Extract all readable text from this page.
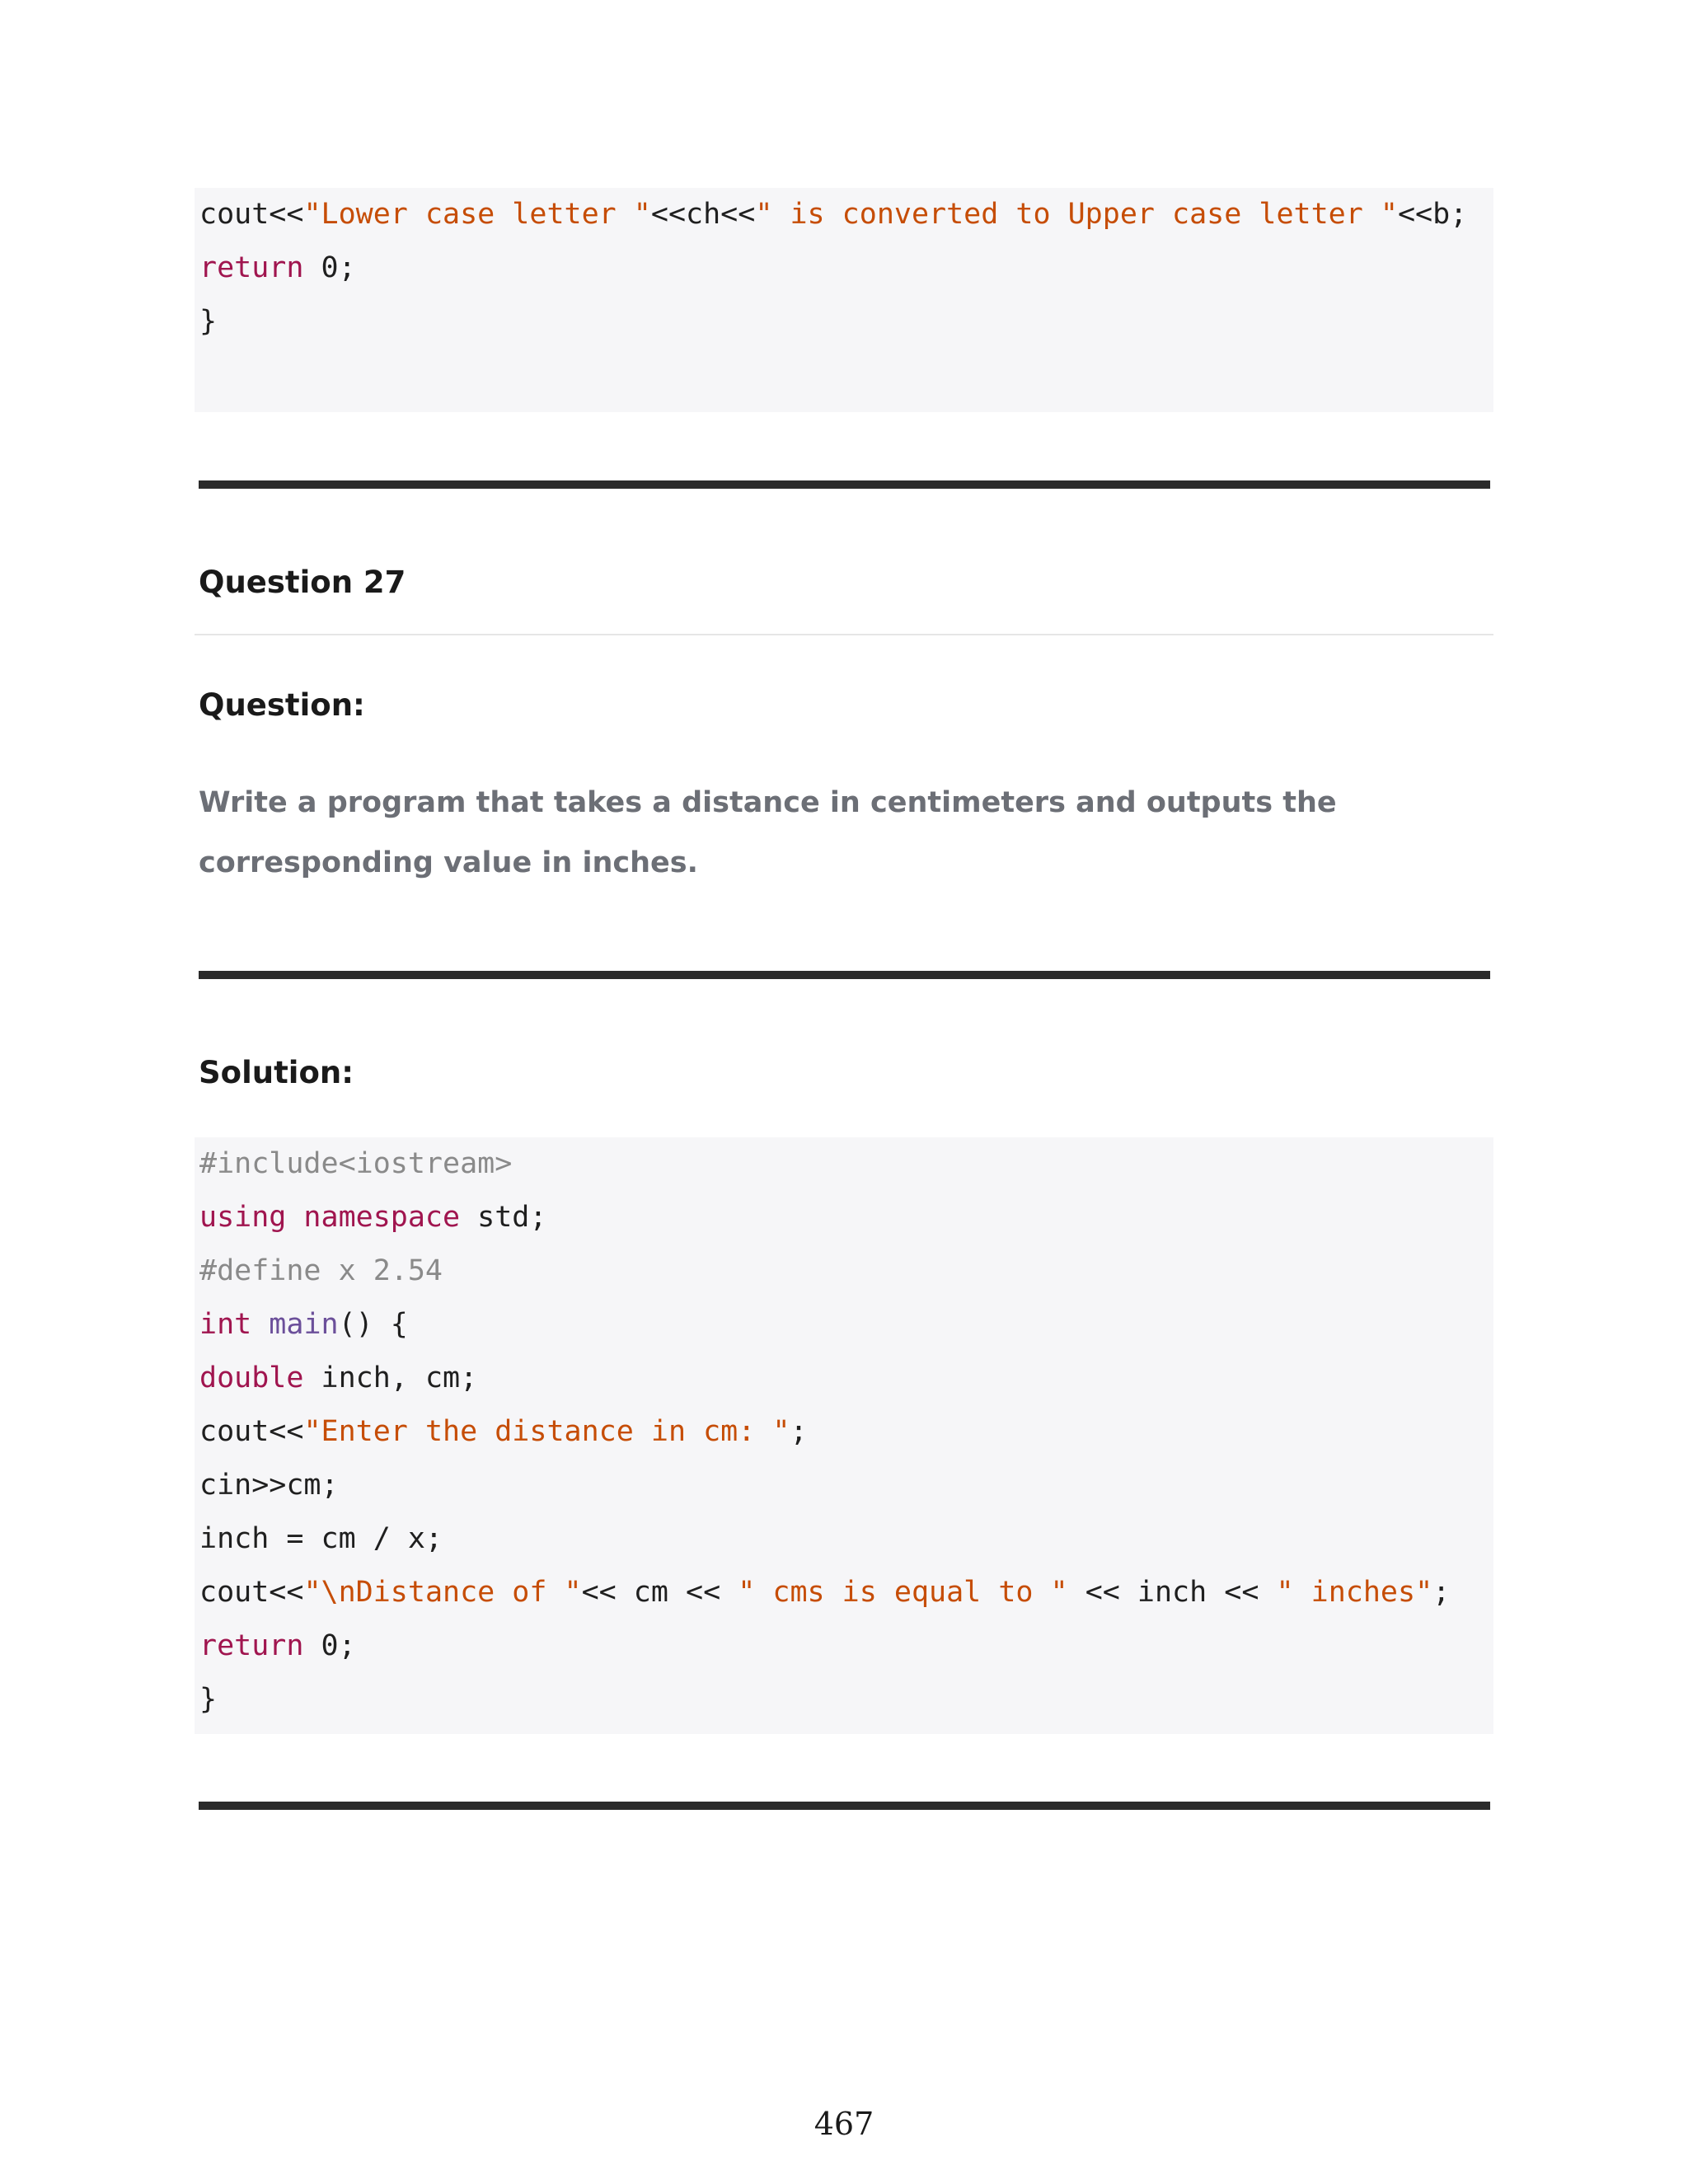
cout<<"Lower case letter "<<ch<<" is converted to Upper case letter "<<b;
return 0;
}
Question 27
Question:
Write a program that takes a distance in centimeters and outputs the corresponding value in inches.
Solution:
#include<iostream>
using namespace std;
#define x 2.54
int main() {
double inch, cm;
cout<<"Enter the distance in cm: ";
cin>>cm;
inch = cm / x;
cout<<"\nDistance of "<< cm << " cms is equal to " << inch << " inches";
return 0;
}
467
